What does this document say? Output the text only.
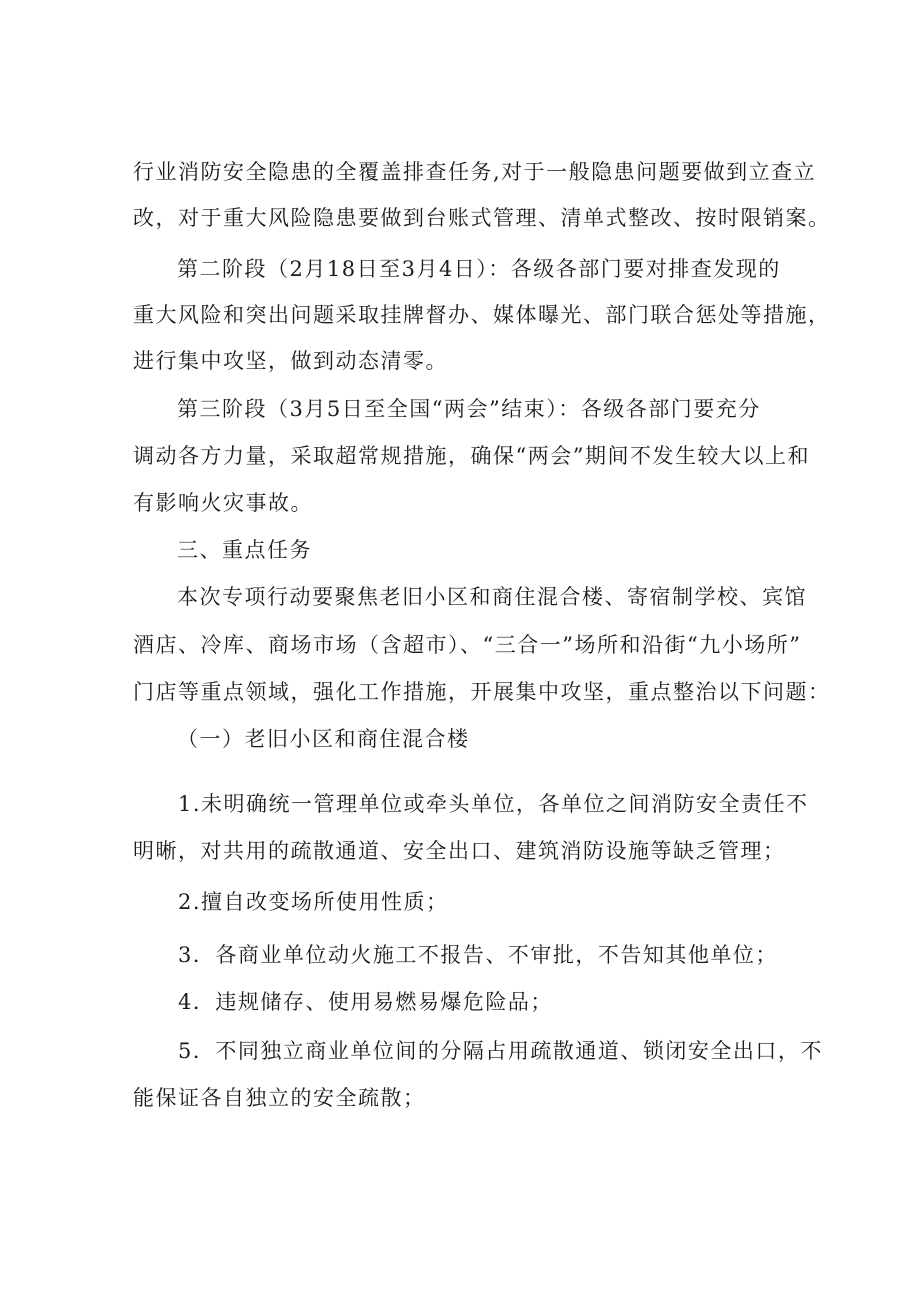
行业消防安全隐患的全覆盖排查任务,对于一般隐患问题要做到立查立
改，对于重大风险隐患要做到台账式管理、清单式整改、按时限销案。
第二阶段（2月18日至3月4日）：各级各部门要对排查发现的
重大风险和突出问题采取挂牌督办、媒体曝光、部门联合惩处等措施，
进行集中攻坚，做到动态清零。
第三阶段（3月5日至全国“两会”结束）：各级各部门要充分
调动各方力量，采取超常规措施，确保“两会”期间不发生较大以上和
有影响火灾事故。
三、重点任务
本次专项行动要聚焦老旧小区和商住混合楼、寄宿制学校、宾馆
酒店、冷库、商场市场（含超市）、“三合一”场所和沿街“九小场所”
门店等重点领域，强化工作措施，开展集中攻坚，重点整治以下问题：
（一）老旧小区和商住混合楼
1.未明确统一管理单位或牵头单位，各单位之间消防安全责任不
明晰，对共用的疏散通道、安全出口、建筑消防设施等缺乏管理；
2.擅自改变场所使用性质；
3．各商业单位动火施工不报告、不审批，不告知其他单位；
4．违规储存、使用易燃易爆危险品；
5．不同独立商业单位间的分隔占用疏散通道、锁闭安全出口，不
能保证各自独立的安全疏散；
